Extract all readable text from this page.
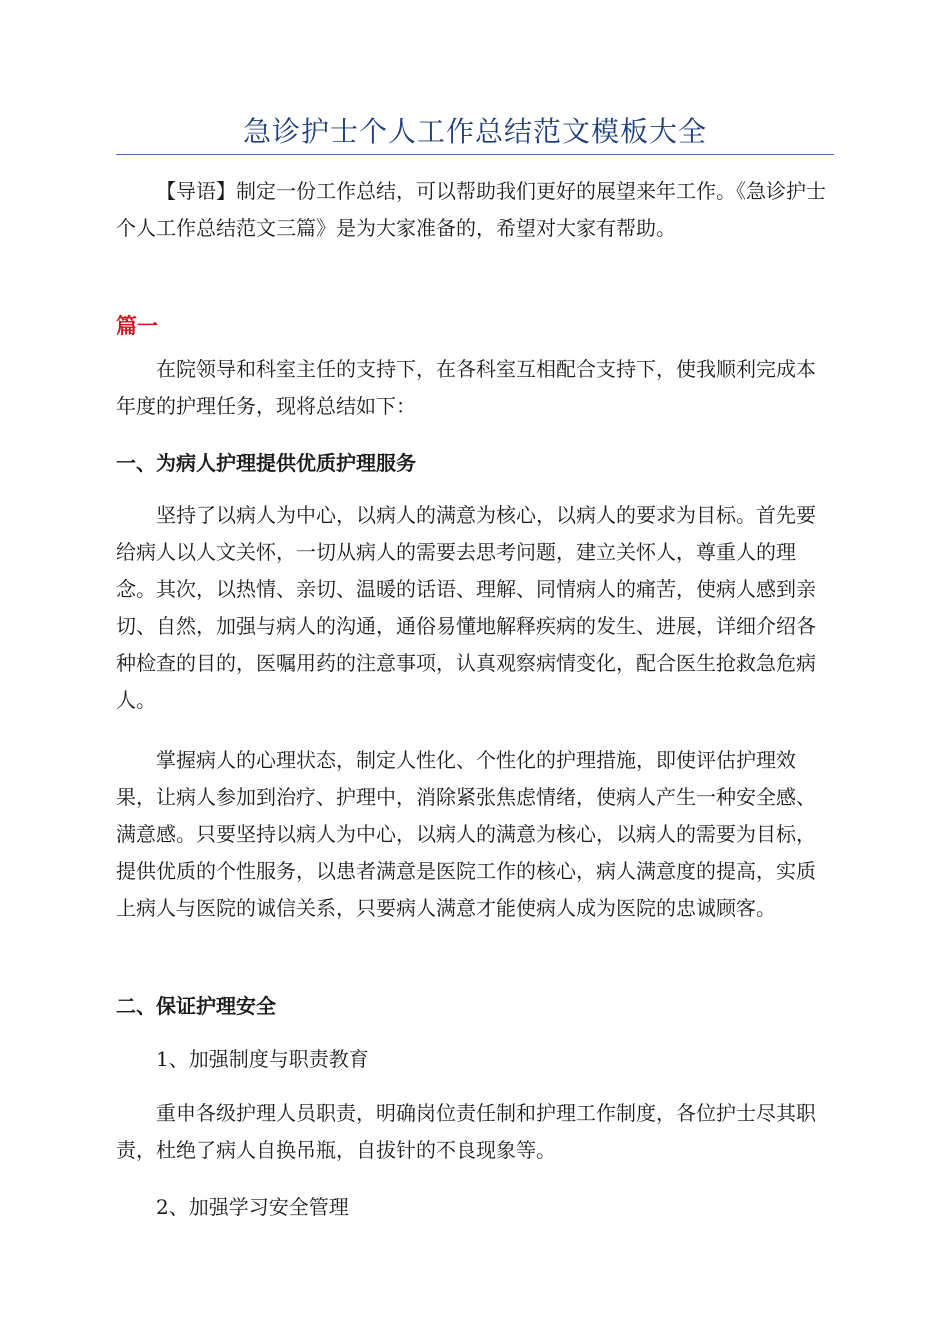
急诊护士个人工作总结范文模板大全

【导语】制定一份工作总结，可以帮助我们更好的展望来年工作。《急诊护士个人工作总结范文三篇》是为大家准备的，希望对大家有帮助。

篇一

在院领导和科室主任的支持下，在各科室互相配合支持下，使我顺利完成本年度的护理任务，现将总结如下：

一、为病人护理提供优质护理服务

坚持了以病人为中心，以病人的满意为核心，以病人的要求为目标。首先要给病人以人文关怀，一切从病人的需要去思考问题，建立关怀人，尊重人的理念。其次，以热情、亲切、温暖的话语、理解、同情病人的痛苦，使病人感到亲切、自然，加强与病人的沟通，通俗易懂地解释疾病的发生、进展，详细介绍各种检查的目的，医嘱用药的注意事项，认真观察病情变化，配合医生抢救急危病人。

掌握病人的心理状态，制定人性化、个性化的护理措施，即使评估护理效果，让病人参加到治疗、护理中，消除紧张焦虑情绪，使病人产生一种安全感、满意感。只要坚持以病人为中心，以病人的满意为核心，以病人的需要为目标，提供优质的个性服务，以患者满意是医院工作的核心，病人满意度的提高，实质上病人与医院的诚信关系，只要病人满意才能使病人成为医院的忠诚顾客。

二、保证护理安全

1、加强制度与职责教育

重申各级护理人员职责，明确岗位责任制和护理工作制度，各位护士尽其职责，杜绝了病人自换吊瓶，自拔针的不良现象等。

2、加强学习安全管理
